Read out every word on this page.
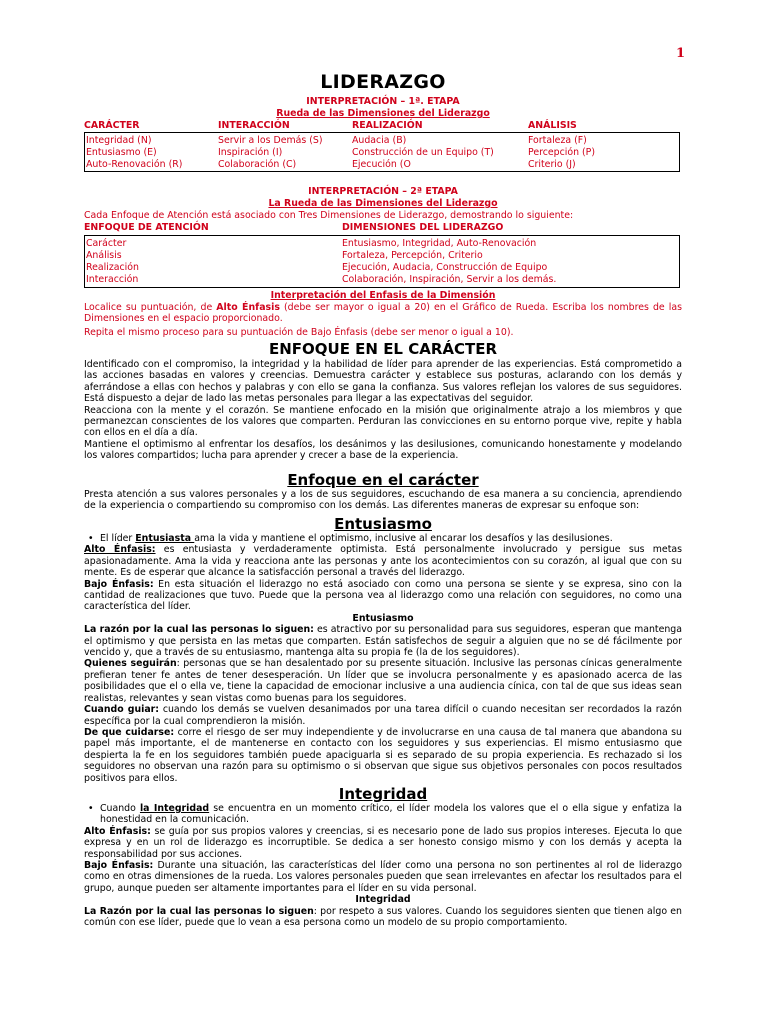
1
LIDERAZGO
INTERPRETACIÓN – 1ª. ETAPA
Rueda de las Dimensiones del Liderazgo
CARÁCTER	INTERACCIÓN	REALIZACIÓN	ANÁLISIS
Integridad (N)	Servir a los Demás (S)	Audacia (B)	Fortaleza (F)
Entusiasmo (E)	Inspiración (I)	Construcción de un Equipo (T)	Percepción (P)
Auto-Renovación (R)	Colaboración (C)	Ejecución (O	Criterio (J)
INTERPRETACIÓN – 2ª ETAPA
La Rueda de las Dimensiones del Liderazgo
Cada Enfoque de Atención está asociado con Tres Dimensiones de Liderazgo, demostrando lo siguiente:
ENFOQUE DE ATENCIÓN	DIMENSIONES DEL LIDERAZGO
Carácter	Entusiasmo, Integridad, Auto-Renovación
Análisis	Fortaleza, Percepción, Criterio
Realización	Ejecución, Audacia, Construcción de Equipo
Interacción	Colaboración, Inspiración, Servir a los demás.
Interpretación del Enfasis de la Dimensión
Localice su puntuación, de Alto Énfasis (debe ser mayor o igual a 20) en el Gráfico de Rueda. Escriba los nombres de las Dimensiones en el espacio proporcionado.
Repita el mismo proceso para su puntuación de Bajo Énfasis (debe ser menor o igual a 10).
ENFOQUE EN EL CARÁCTER
Identificado con el compromiso, la integridad y la habilidad de líder para aprender de las experiencias. Está comprometido a las acciones basadas en valores y creencias. Demuestra carácter y establece sus posturas, aclarando con los demás y aferrándose a ellas con hechos y palabras y con ello se gana la confianza. Sus valores reflejan los valores de sus seguidores. Está dispuesto a dejar de lado las metas personales para llegar a las expectativas del seguidor.
Reacciona con la mente y el corazón. Se mantiene enfocado en la misión que originalmente atrajo a los miembros y que permanezcan conscientes de los valores que comparten. Perduran las convicciones en su entorno porque vive, repite y habla con ellos en el día a día.
Mantiene el optimismo al enfrentar los desafíos, los desánimos y las desilusiones, comunicando honestamente y modelando los valores compartidos; lucha para aprender y crecer a base de la experiencia.
Enfoque en el carácter
Presta atención a sus valores personales y a los de sus seguidores, escuchando de esa manera a su conciencia, aprendiendo de la experiencia o compartiendo su compromiso con los demás. Las diferentes maneras de expresar su enfoque son:
Entusiasmo
• El líder Entusiasta ama la vida y mantiene el optimismo, inclusive al encarar los desafíos y las desilusiones.
Alto Énfasis: es entusiasta y verdaderamente optimista. Está personalmente involucrado y persigue sus metas apasionadamente. Ama la vida y reacciona ante las personas y ante los acontecimientos con su corazón, al igual que con su mente. Es de esperar que alcance la satisfacción personal a través del liderazgo.
Bajo Énfasis: En esta situación el liderazgo no está asociado con como una persona se siente y se expresa, sino con la cantidad de realizaciones que tuvo. Puede que la persona vea al liderazgo como una relación con seguidores, no como una característica del líder.
Entusiasmo
La razón por la cual las personas lo siguen: es atractivo por su personalidad para sus seguidores, esperan que mantenga el optimismo y que persista en las metas que comparten. Están satisfechos de seguir a alguien que no se dé fácilmente por vencido y, que a través de su entusiasmo, mantenga alta su propia fe (la de los seguidores).
Quienes seguirán: personas que se han desalentado por su presente situación. Inclusive las personas cínicas generalmente prefieran tener fe antes de tener desesperación. Un líder que se involucra personalmente y es apasionado acerca de las posibilidades que el o ella ve, tiene la capacidad de emocionar inclusive a una audiencia cínica, con tal de que sus ideas sean realistas, relevantes y sean vistas como buenas para los seguidores.
Cuando guiar: cuando los demás se vuelven desanimados por una tarea difícil o cuando necesitan ser recordados la razón específica por la cual comprendieron la misión.
De que cuidarse: corre el riesgo de ser muy independiente y de involucrarse en una causa de tal manera que abandona su papel más importante, el de mantenerse en contacto con los seguidores y sus experiencias. El mismo entusiasmo que despierta la fe en los seguidores también puede apaciguarla si es separado de su propia experiencia. Es rechazado si los seguidores no observan una razón para su optimismo o si observan que sigue sus objetivos personales con pocos resultados positivos para ellos.
Integridad
• Cuando la Integridad se encuentra en un momento crítico, el líder modela los valores que el o ella sigue y enfatiza la honestidad en la comunicación.
Alto Énfasis: se guía por sus propios valores y creencias, si es necesario pone de lado sus propios intereses. Ejecuta lo que expresa y en un rol de liderazgo es incorruptible. Se dedica a ser honesto consigo mismo y con los demás y acepta la responsabilidad por sus acciones.
Bajo Énfasis: Durante una situación, las características del líder como una persona no son pertinentes al rol de liderazgo como en otras dimensiones de la rueda. Los valores personales pueden que sean irrelevantes en afectar los resultados para el grupo, aunque pueden ser altamente importantes para el líder en su vida personal.
Integridad
La Razón por la cual las personas lo siguen: por respeto a sus valores. Cuando los seguidores sienten que tienen algo en común con ese líder, puede que lo vean a esa persona como un modelo de su propio comportamiento.
